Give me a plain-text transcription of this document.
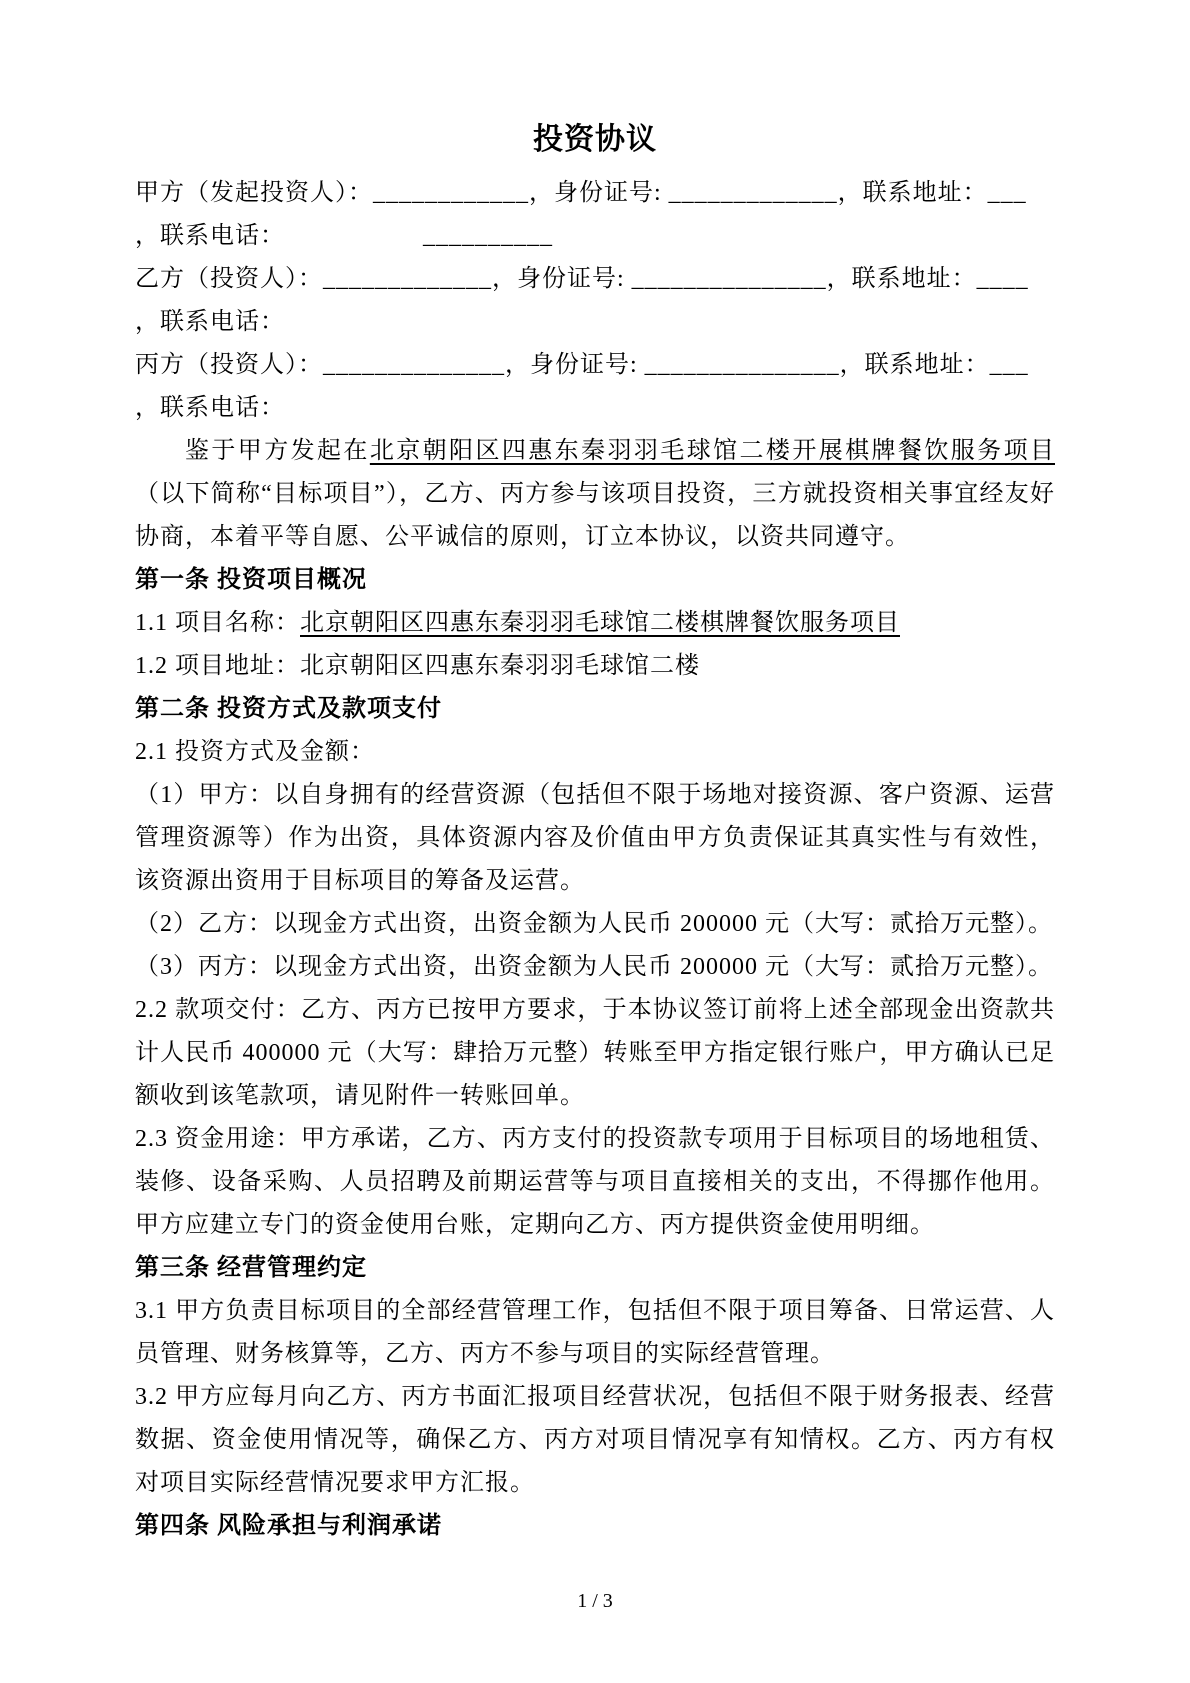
投资协议
甲方（发起投资人）：____________，身份证号: _____________，联系地址：___
，联系电话：　　　　　　	__________
乙方（投资人）：_____________，身份证号: _______________，联系地址：____
，联系电话：
丙方（投资人）：______________，身份证号: _______________，联系地址：___
，联系电话：

鉴于甲方发起在北京朝阳区四惠东秦羽羽毛球馆二楼开展棋牌餐饮服务项目（以下简称“目标项目”），乙方、丙方参与该项目投资，三方就投资相关事宜经友好协商，本着平等自愿、公平诚信的原则，订立本协议，以资共同遵守。

第一条 投资项目概况

1.1 项目名称：北京朝阳区四惠东秦羽羽毛球馆二楼棋牌餐饮服务项目

1.2 项目地址：北京朝阳区四惠东秦羽羽毛球馆二楼

第二条 投资方式及款项支付

2.1 投资方式及金额：

（1）甲方：以自身拥有的经营资源（包括但不限于场地对接资源、客户资源、运营管理资源等）作为出资，具体资源内容及价值由甲方负责保证其真实性与有效性，该资源出资用于目标项目的筹备及运营。

（2）乙方：以现金方式出资，出资金额为人民币 200000 元（大写：贰拾万元整）。

（3）丙方：以现金方式出资，出资金额为人民币 200000 元（大写：贰拾万元整）。

2.2 款项交付：乙方、丙方已按甲方要求，于本协议签订前将上述全部现金出资款共计人民币 400000 元（大写：肆拾万元整）转账至甲方指定银行账户，甲方确认已足额收到该笔款项，请见附件一转账回单。

2.3 资金用途：甲方承诺，乙方、丙方支付的投资款专项用于目标项目的场地租赁、装修、设备采购、人员招聘及前期运营等与项目直接相关的支出，不得挪作他用。甲方应建立专门的资金使用台账，定期向乙方、丙方提供资金使用明细。

第三条 经营管理约定

3.1 甲方负责目标项目的全部经营管理工作，包括但不限于项目筹备、日常运营、人员管理、财务核算等，乙方、丙方不参与项目的实际经营管理。

3.2 甲方应每月向乙方、丙方书面汇报项目经营状况，包括但不限于财务报表、经营数据、资金使用情况等，确保乙方、丙方对项目情况享有知情权。乙方、丙方有权对项目实际经营情况要求甲方汇报。

第四条 风险承担与利润承诺
1 / 3
